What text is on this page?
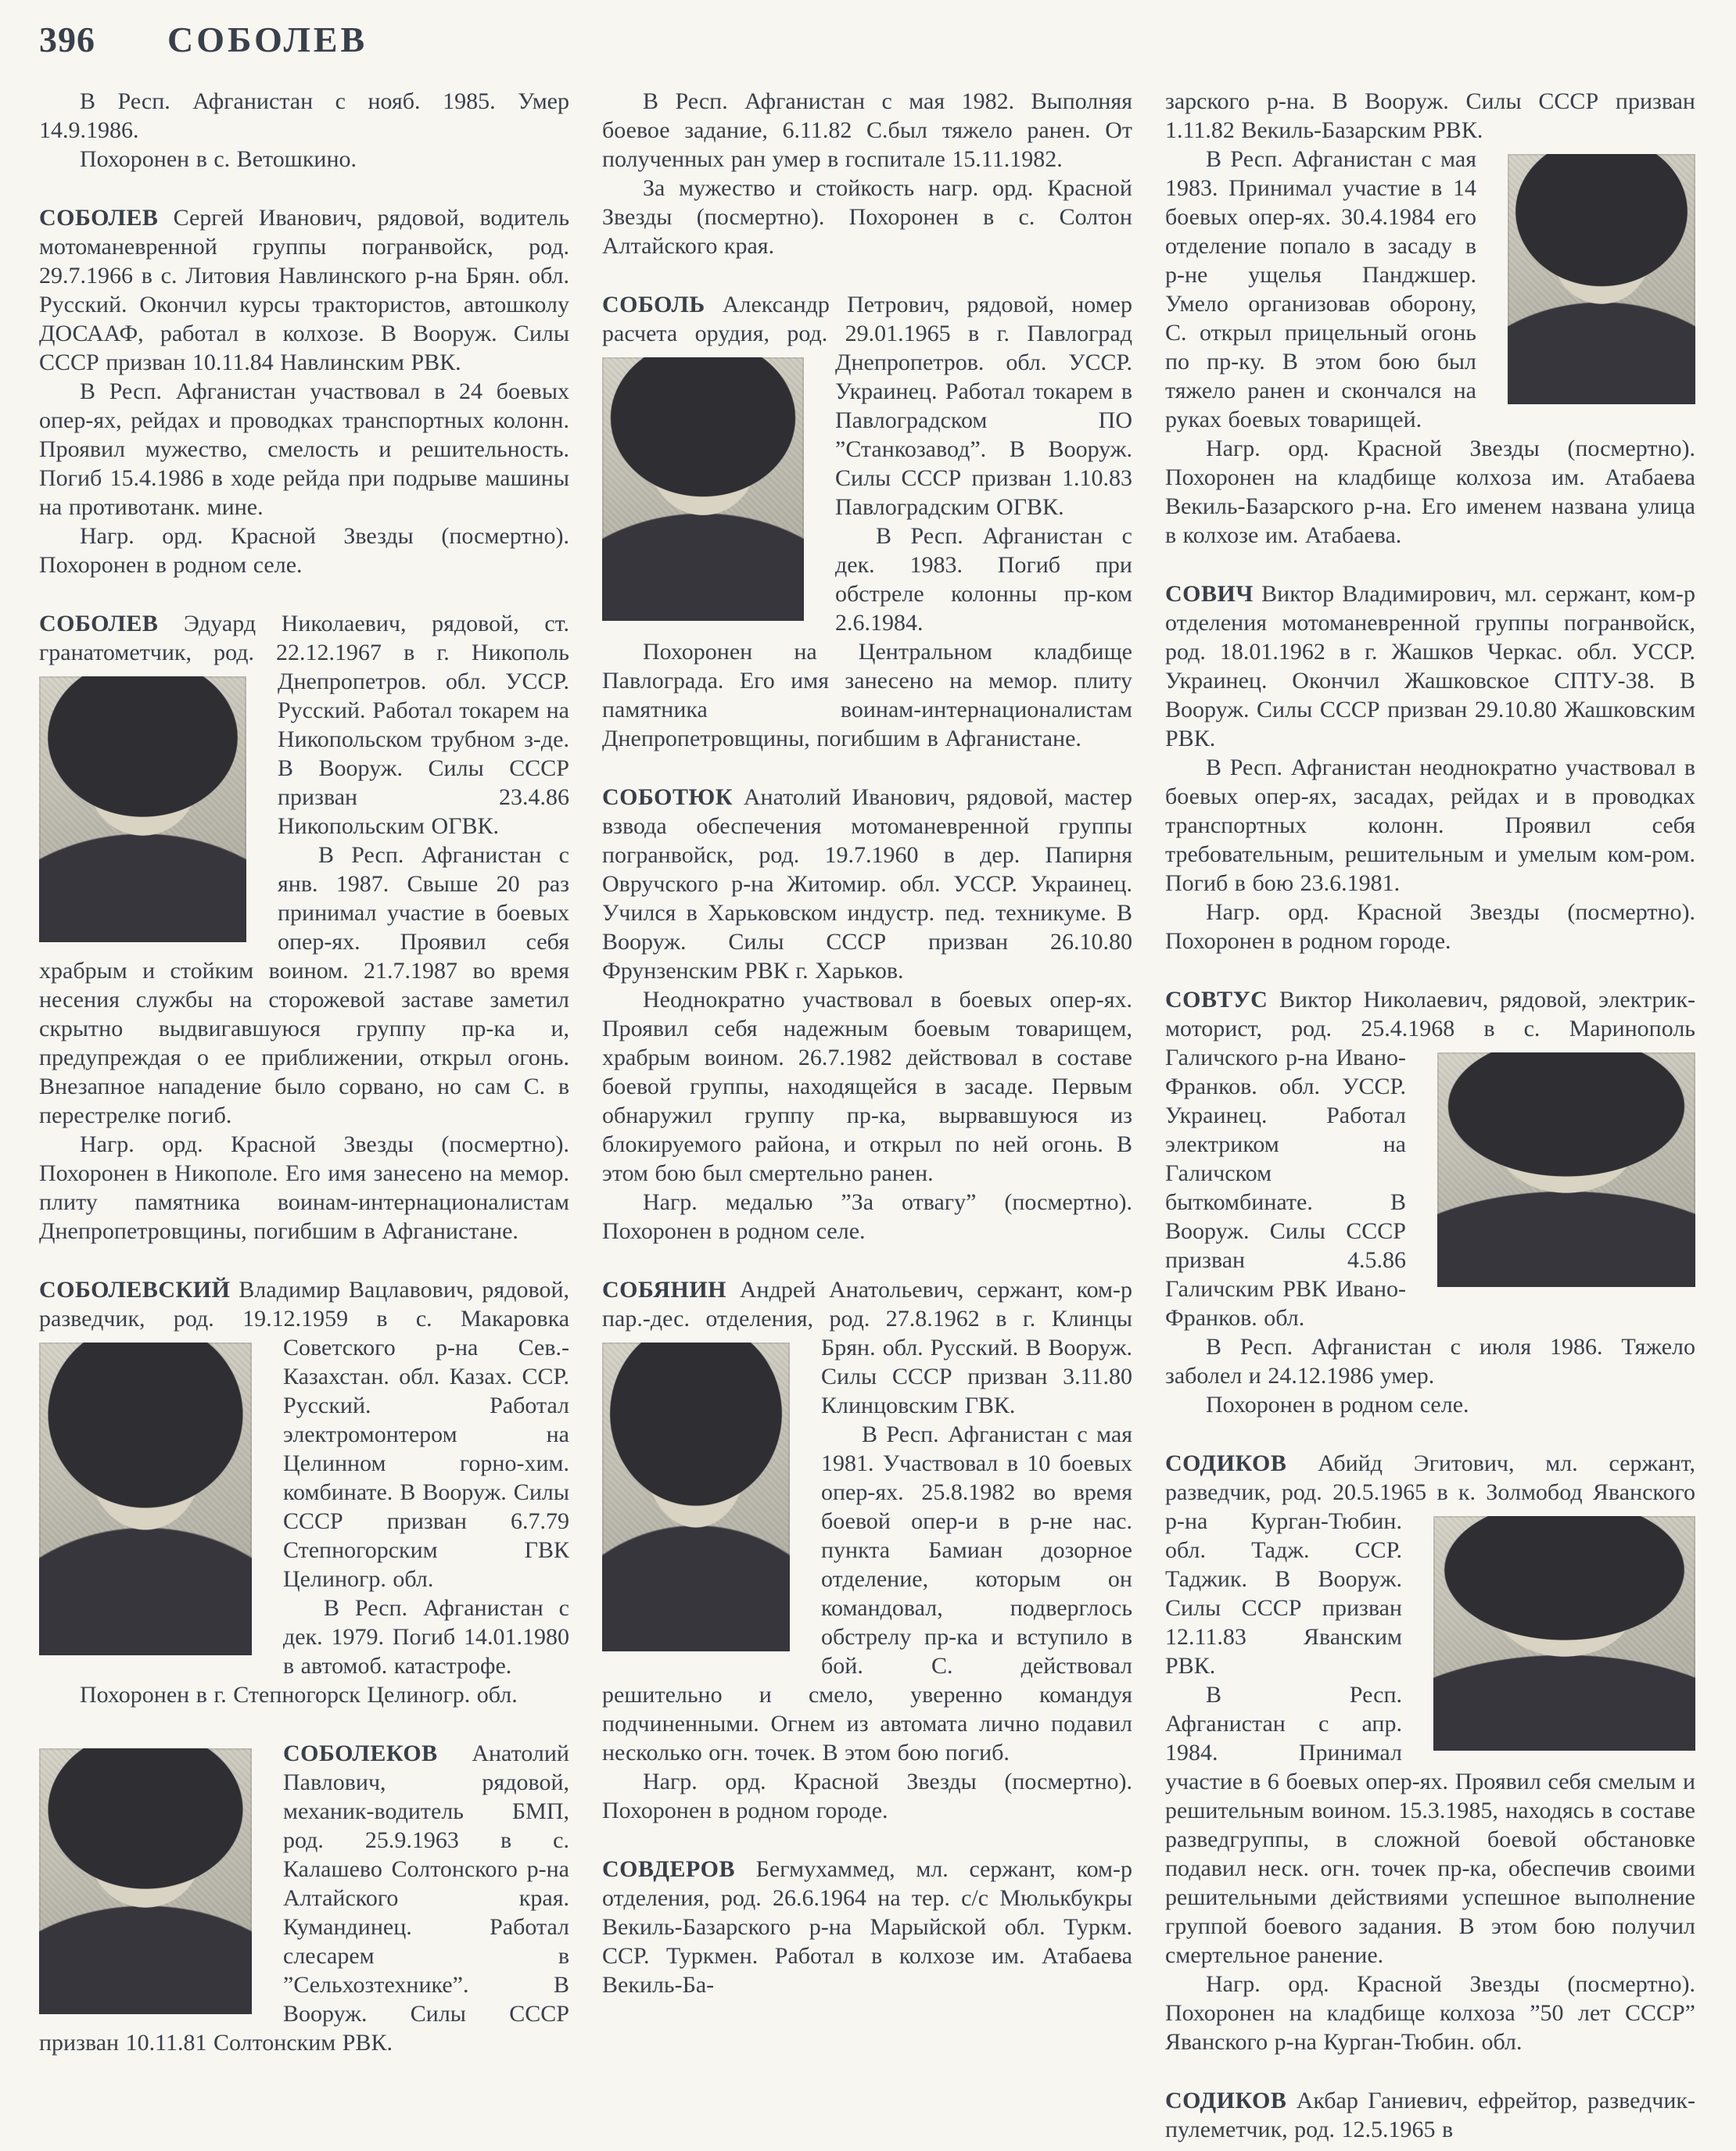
396 СОБОЛЕВ

В Респ. Афганистан с нояб. 1985. Умер 14.9.1986.

Похоронен в с. Ветошкино.

СОБОЛЕВ Сергей Иванович, рядовой, водитель мотоманевренной группы погранвойск, род. 29.7.1966 в с. Литовия Навлинского р-на Брян. обл. Русский. Окончил курсы трактористов, автошколу ДОСААФ, работал в колхозе. В Вооруж. Силы СССР призван 10.11.84 Навлинским РВК.

В Респ. Афганистан участвовал в 24 боевых опер-ях, рейдах и проводках транспортных колонн. Проявил мужество, смелость и решительность. Погиб 15.4.1986 в ходе рейда при подрыве машины на противотанк. мине.

Нагр. орд. Красной Звезды (посмертно). Похоронен в родном селе.

СОБОЛЕВ Эдуард Николаевич, рядовой, ст. гранатометчик, род. 22.12.1967 в г. Никополь Днепропетров. обл. УССР. Русский. Работал токарем на Никопольском трубном з-де. В Вооруж. Силы СССР призван 23.4.86 Никопольским ОГВК.

В Респ. Афганистан с янв. 1987. Свыше 20 раз принимал участие в боевых опер-ях. Проявил себя храбрым и стойким воином. 21.7.1987 во время несения службы на сторожевой заставе заметил скрытно выдвигавшуюся группу пр-ка и, предупреждая о ее приближении, открыл огонь. Внезапное нападение было сорвано, но сам С. в перестрелке погиб.

Нагр. орд. Красной Звезды (посмертно). Похоронен в Никополе. Его имя занесено на мемор. плиту памятника воинам-интернационалистам Днепропетровщины, погибшим в Афганистане.

СОБОЛЕВСКИЙ Владимир Вацлавович, рядовой, разведчик, род. 19.12.1959 в с. Макаровка Советского р-на Сев.-Казахстан. обл. Казах. ССР. Русский. Работал электромонтером на Целинном горно-хим. комбинате. В Вооруж. Силы СССР призван 6.7.79 Степногорским ГВК Целиногр. обл.

В Респ. Афганистан с дек. 1979. Погиб 14.01.1980 в автомоб. катастрофе.

Похоронен в г. Степногорск Целиногр. обл.

СОБОЛЕКОВ Анатолий Павлович, рядовой, механик-водитель БМП, род. 25.9.1963 в с. Калашево Солтонского р-на Алтайского края. Кумандинец. Работал слесарем в ”Сельхозтехнике”. В Вооруж. Силы СССР призван 10.11.81 Солтонским РВК.

В Респ. Афганистан с мая 1982. Выполняя боевое задание, 6.11.82 С.был тяжело ранен. От полученных ран умер в госпитале 15.11.1982.

За мужество и стойкость нагр. орд. Красной Звезды (посмертно). Похоронен в с. Солтон Алтайского края.

СОБОЛЬ Александр Петрович, рядовой, номер расчета орудия, род. 29.01.1965 в г. Павлоград Днепропетров. обл. УССР. Украинец. Работал токарем в Павлоградском ПО ”Станкозавод”. В Вооруж. Силы СССР призван 1.10.83 Павлоградским ОГВК.

В Респ. Афганистан с дек. 1983. Погиб при обстреле колонны пр-ком 2.6.1984.

Похоронен на Центральном кладбище Павлограда. Его имя занесено на мемор. плиту памятника воинам-интернационалистам Днепропетровщины, погибшим в Афганистане.

СОБОТЮК Анатолий Иванович, рядовой, мастер взвода обеспечения мотоманевренной группы погранвойск, род. 19.7.1960 в дер. Папирня Овручского р-на Житомир. обл. УССР. Украинец. Учился в Харьковском индустр. пед. техникуме. В Вооруж. Силы СССР призван 26.10.80 Фрунзенским РВК г. Харьков.

Неоднократно участвовал в боевых опер-ях. Проявил себя надежным боевым товарищем, храбрым воином. 26.7.1982 действовал в составе боевой группы, находящейся в засаде. Первым обнаружил группу пр-ка, вырвавшуюся из блокируемого района, и открыл по ней огонь. В этом бою был смертельно ранен.

Нагр. медалью ”За отвагу” (посмертно). Похоронен в родном селе.

СОБЯНИН Андрей Анатольевич, сержант, ком-р пар.-дес. отделения, род. 27.8.1962 в г. Клинцы Брян. обл. Русский. В Вооруж. Силы СССР призван 3.11.80 Клинцовским ГВК.

В Респ. Афганистан с мая 1981. Участвовал в 10 боевых опер-ях. 25.8.1982 во время боевой опер-и в р-не нас. пункта Бамиан дозорное отделение, которым он командовал, подверглось обстрелу пр-ка и вступило в бой. С. действовал решительно и смело, уверенно командуя подчиненными. Огнем из автомата лично подавил несколько огн. точек. В этом бою погиб.

Нагр. орд. Красной Звезды (посмертно). Похоронен в родном городе.

СОВДЕРОВ Бегмухаммед, мл. сержант, ком-р отделения, род. 26.6.1964 на тер. с/с Мюлькбукры Векиль-Базарского р-на Марыйской обл. Туркм. ССР. Туркмен. Работал в колхозе им. Атабаева Векиль-Ба-

зарского р-на. В Вооруж. Силы СССР призван 1.11.82 Векиль-Базарским РВК.

В Респ. Афганистан с мая 1983. Принимал участие в 14 боевых опер-ях. 30.4.1984 его отделение попало в засаду в р-не ущелья Панджшер. Умело организовав оборону, С. открыл прицельный огонь по пр-ку. В этом бою был тяжело ранен и скончался на руках боевых товарищей.

Нагр. орд. Красной Звезды (посмертно). Похоронен на кладбище колхоза им. Атабаева Векиль-Базарского р-на. Его именем названа улица в колхозе им. Атабаева.

СОВИЧ Виктор Владимирович, мл. сержант, ком-р отделения мотоманевренной группы погранвойск, род. 18.01.1962 в г. Жашков Черкас. обл. УССР. Украинец. Окончил Жашковское СПТУ-38. В Вооруж. Силы СССР призван 29.10.80 Жашковским РВК.

В Респ. Афганистан неоднократно участвовал в боевых опер-ях, засадах, рейдах и в проводках транспортных колонн. Проявил себя требовательным, решительным и умелым ком-ром. Погиб в бою 23.6.1981.

Нагр. орд. Красной Звезды (посмертно). Похоронен в родном городе.

СОВТУС Виктор Николаевич, рядовой, электрик-моторист, род. 25.4.1968 в с. Маринополь Галичского р-на Ивано-Франков. обл. УССР. Украинец. Работал электриком на Галичском быткомбинате. В Вооруж. Силы СССР призван 4.5.86 Галичским РВК Ивано-Франков. обл.

В Респ. Афганистан с июля 1986. Тяжело заболел и 24.12.1986 умер.

Похоронен в родном селе.

СОДИКОВ Абийд Эгитович, мл. сержант, разведчик, род. 20.5.1965 в к. Золмобод Яванского р-на Курган-Тюбин. обл. Тадж. ССР. Таджик. В Вооруж. Силы СССР призван 12.11.83 Яванским РВК.

В Респ. Афганистан с апр. 1984. Принимал участие в 6 боевых опер-ях. Проявил себя смелым и решительным воином. 15.3.1985, находясь в составе разведгруппы, в сложной боевой обстановке подавил неск. огн. точек пр-ка, обеспечив своими решительными действиями успешное выполнение группой боевого задания. В этом бою получил смертельное ранение.

Нагр. орд. Красной Звезды (посмертно). Похоронен на кладбище колхоза ”50 лет СССР” Яванского р-на Курган-Тюбин. обл.

СОДИКОВ Акбар Ганиевич, ефрейтор, разведчик-пулеметчик, род. 12.5.1965 в
